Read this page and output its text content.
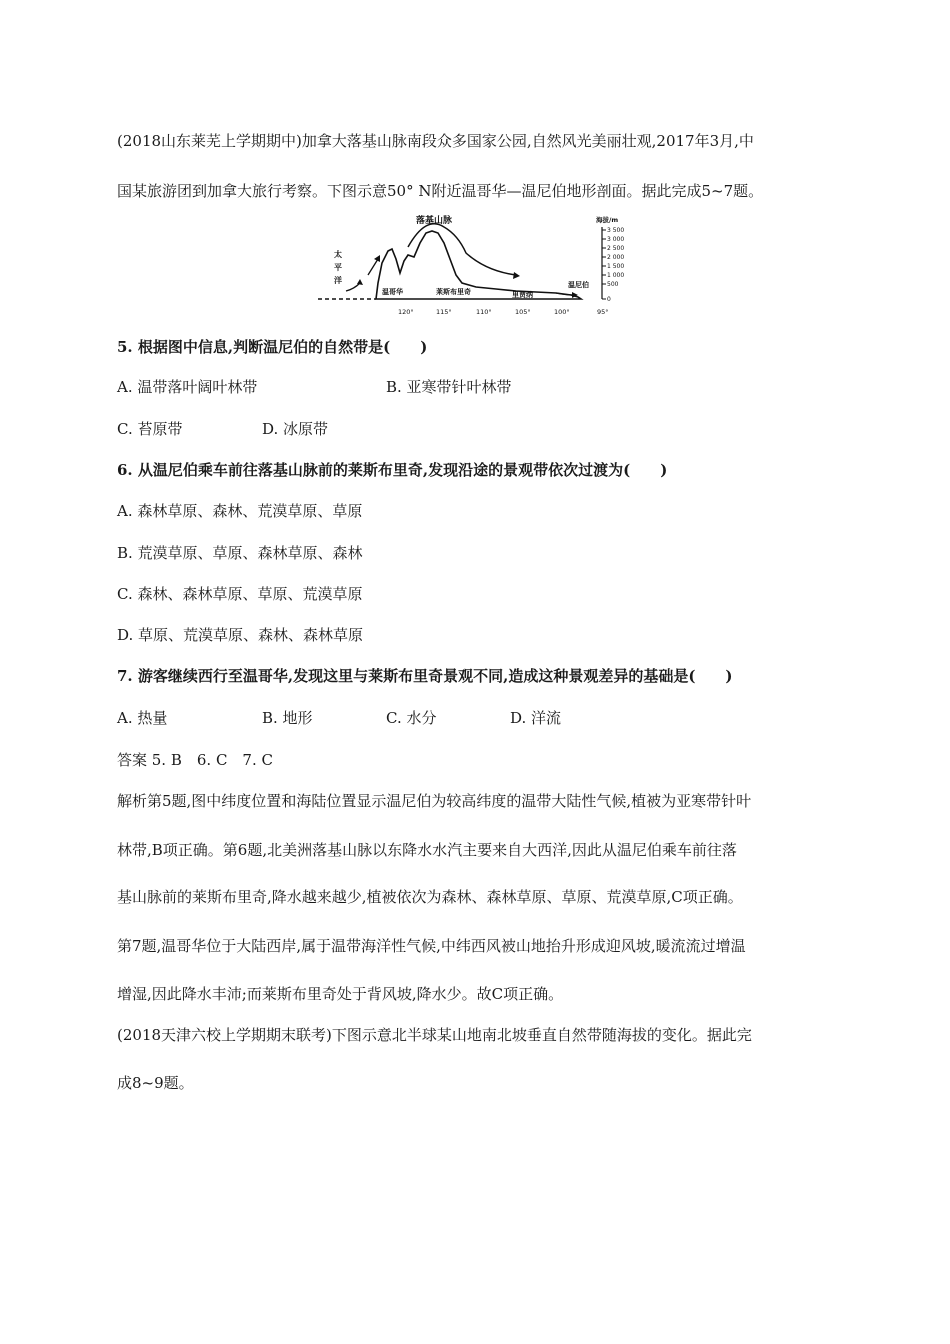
(2018山东莱芜上学期期中)加拿大落基山脉南段众多国家公园,自然风光美丽壮观,2017年3月,中
国某旅游团到加拿大旅行考察。下图示意50° N附近温哥华—温尼伯地形剖面。据此完成5~7题。
落基山脉
太
平
洋
温哥华	莱斯布里奇	里贾纳
温尼伯
120°	115°	110°	105°	100°	95°
海拔/m
3 500
3 000
2 500
2 000
1 500
1 000
500
0
5. 根据图中信息,判断温尼伯的自然带是(　　)
A. 温带落叶阔叶林带	B. 亚寒带针叶林带
C. 苔原带	D. 冰原带
6. 从温尼伯乘车前往落基山脉前的莱斯布里奇,发现沿途的景观带依次过渡为(　　)
A. 森林草原、森林、荒漠草原、草原
B. 荒漠草原、草原、森林草原、森林
C. 森林、森林草原、草原、荒漠草原
D. 草原、荒漠草原、森林、森林草原
7. 游客继续西行至温哥华,发现这里与莱斯布里奇景观不同,造成这种景观差异的基础是(　　)
A. 热量	B. 地形	C. 水分	D. 洋流
答案 5. B　6. C　7. C
解析第5题,图中纬度位置和海陆位置显示温尼伯为较高纬度的温带大陆性气候,植被为亚寒带针叶
林带,B项正确。第6题,北美洲落基山脉以东降水水汽主要来自大西洋,因此从温尼伯乘车前往落
基山脉前的莱斯布里奇,降水越来越少,植被依次为森林、森林草原、草原、荒漠草原,C项正确。
第7题,温哥华位于大陆西岸,属于温带海洋性气候,中纬西风被山地抬升形成迎风坡,暖流流过增温
增湿,因此降水丰沛;而莱斯布里奇处于背风坡,降水少。故C项正确。
(2018天津六校上学期期末联考)下图示意北半球某山地南北坡垂直自然带随海拔的变化。据此完
成8~9题。
